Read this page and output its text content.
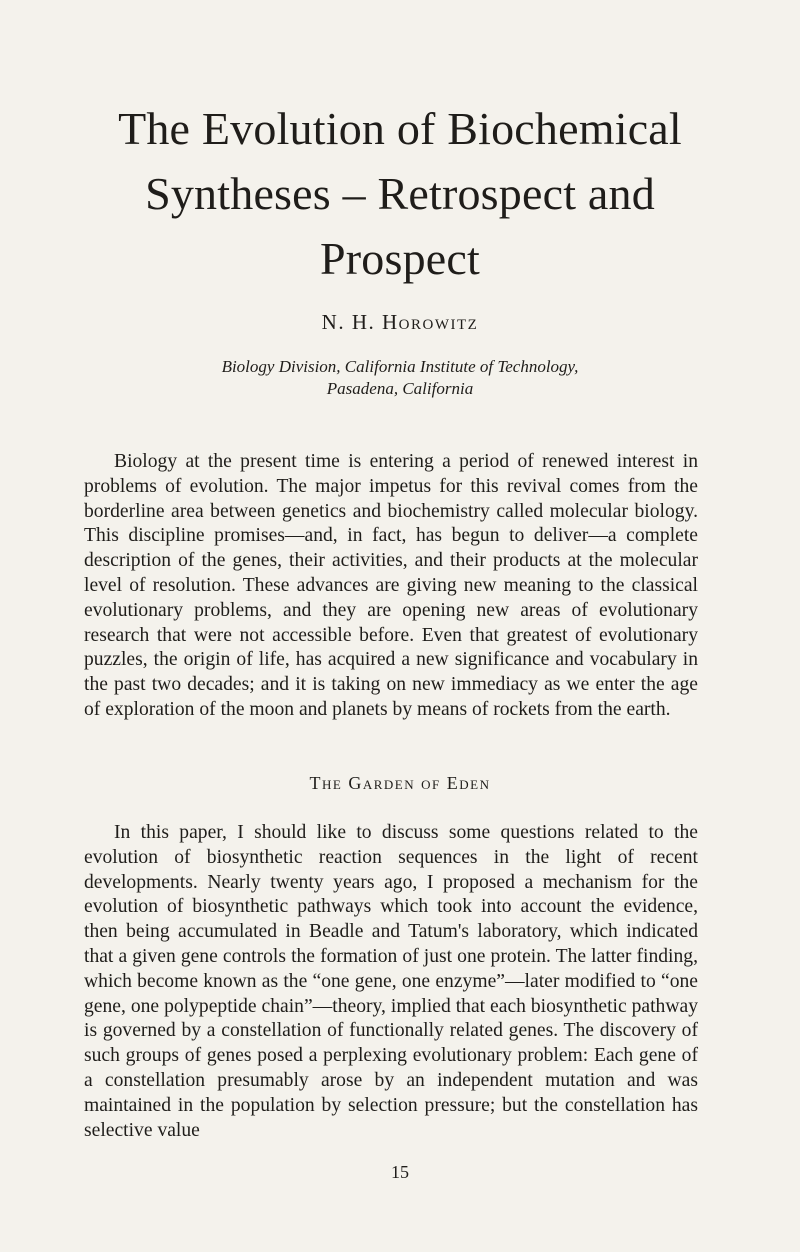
The Evolution of Biochemical Syntheses – Retrospect and Prospect
N. H. Horowitz
Biology Division, California Institute of Technology,
Pasadena, California

Biology at the present time is entering a period of renewed interest in problems of evolution. The major impetus for this revival comes from the borderline area between genetics and biochemistry called molecular biology. This discipline promises—and, in fact, has begun to deliver—a complete description of the genes, their activities, and their products at the molecular level of resolution. These advances are giving new meaning to the classical evolutionary problems, and they are opening new areas of evolutionary research that were not accessible before. Even that greatest of evolutionary puzzles, the origin of life, has acquired a new significance and vocabulary in the past two decades; and it is taking on new immediacy as we enter the age of exploration of the moon and planets by means of rockets from the earth.

The Garden of Eden

In this paper, I should like to discuss some questions related to the evolution of biosynthetic reaction sequences in the light of recent developments. Nearly twenty years ago, I proposed a mechanism for the evolution of biosynthetic pathways which took into account the evidence, then being accumulated in Beadle and Tatum's laboratory, which indicated that a given gene controls the formation of just one protein. The latter finding, which become known as the “one gene, one enzyme”—later modified to “one gene, one polypeptide chain”—theory, implied that each biosynthetic pathway is governed by a constellation of functionally related genes. The discovery of such groups of genes posed a perplexing evolutionary problem: Each gene of a constellation presumably arose by an independent mutation and was maintained in the population by selection pressure; but the constellation has selective value

15
